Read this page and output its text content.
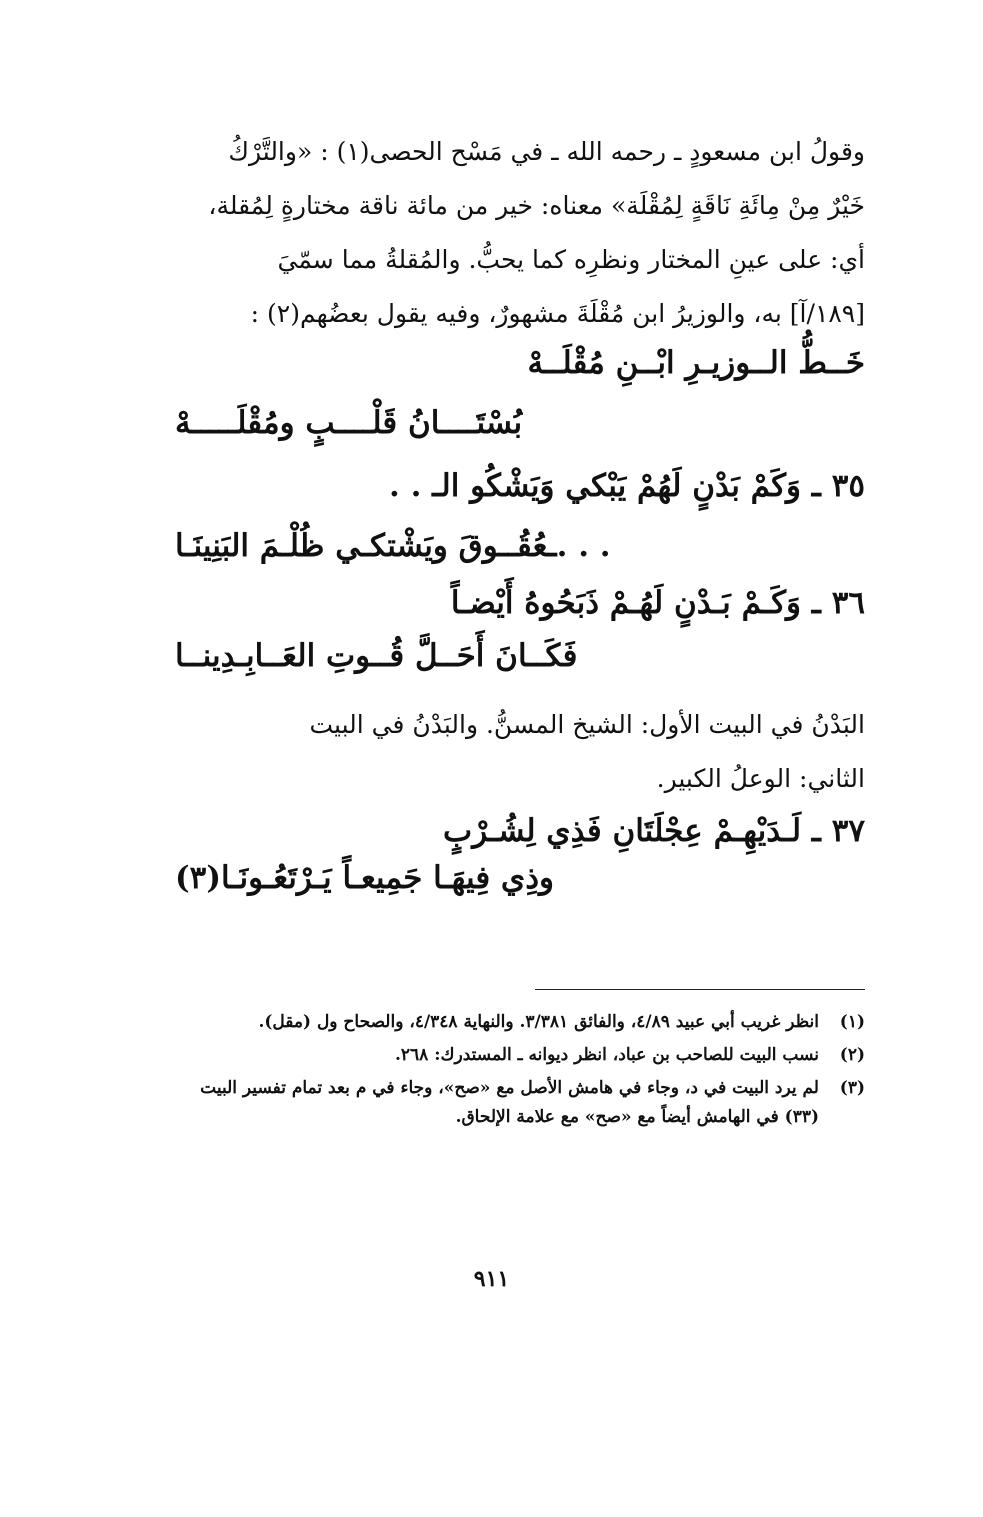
وقولُ ابن مسعودٍ ـ رحمه الله ـ في مَسْح الحصى(١) : «والتَّرْكُ
خَيْرٌ مِنْ مِائَةِ نَاقَةٍ لِمُقْلَة» معناه: خير من مائة ناقة مختارةٍ لِمُقلة،
أي: على عينِ المختار ونظرِه كما يحبُّ. والمُقلةُ مما سمّيَ
[١٨٩/آ] به، والوزيرُ ابن مُقْلَةَ مشهورٌ، وفيه يقول بعضُهم(٢) :

خَــطُّ الــوزيـرِ ابْــنِ مُقْلَــهْ
بُسْتَــــانُ قَلْــــبٍ ومُقْلَـــــهْ
٣٥ ـ وَكَمْ بَدْنٍ لَهُمْ يَبْكي وَيَشْكُو الـ . .
. . .ـعُقُــوقَ ويَشْتكـي ظُلْـمَ البَنِينَـا
٣٦ ـ وَكَـمْ بَـدْنٍ لَهُـمْ ذَبَحُوهُ أَيْضـاً
فَكَــانَ أَحَــلَّ قُــوتِ العَــابِـدِينــا
البَدْنُ في البيت الأول: الشيخ المسنُّ. والبَدْنُ في البيت
الثاني: الوعلُ الكبير.
٣٧ ـ لَـدَيْهِـمْ عِجْلَتَانِ فَذِي لِشُـرْبٍ
وذِي فِيهَـا جَمِيعـاً يَـرْتَعُـونَـا(٣)
(١)
انظر غريب أبي عبيد ٤/٨٩، والفائق ٣/٣٨١. والنهاية ٤/٣٤٨، والصحاح ول (مقل).
(٢)
نسب البيت للصاحب بن عباد، انظر ديوانه ـ المستدرك: ٢٦٨.
(٣)
لم يرد البيت في د، وجاء في هامش الأصل مع «صح»، وجاء في م بعد تمام تفسير البيت (٣٣) في الهامش أيضاً مع «صح» مع علامة الإلحاق.
٩١١
